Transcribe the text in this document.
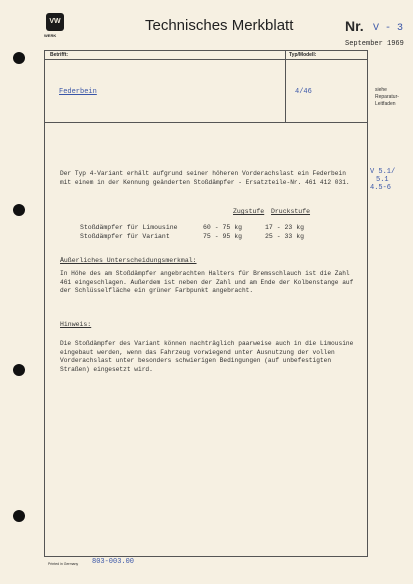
VW
WERK
Technisches Merkblatt	Nr. V - 3
September 1969
Betrifft:	Typ/Modell:
Federbein	4/46
Der Typ 4-Variant erhält aufgrund seiner höheren Vorderachslast ein Federbein mit einem in der Kennung geänderten Stoßdämpfer - Ersatzteile-Nr. 461 412 031.
Zugstufe Druckstufe
Stoßdämpfer für Limousine	60 - 75 kg	17 - 23 kg
Stoßdämpfer für Variant	75 - 95 kg	25 - 33 kg
Äußerliches Unterscheidungsmerkmal:
In Höhe des am Stoßdämpfer angebrachten Halters für Bremsschlauch ist die Zahl 461 eingeschlagen. Außerdem ist neben der Zahl und am Ende der Kolbenstange auf der Schlüsselfläche ein grüner Farbpunkt angebracht.
Hinweis:
Die Stoßdämpfer des Variant können nachträglich paarweise auch in die Limousine eingebaut werden, wenn das Fahrzeug vorwiegend unter Ausnutzung der vollen Vorderachslast unter besonders schwierigen Bedingungen (auf unbefestigten Straßen) eingesetzt wird.
siehe
Reparatur-
Leitfaden
V 5.1/
5.1
4.5-6
Printed in Germany 803-003.00
